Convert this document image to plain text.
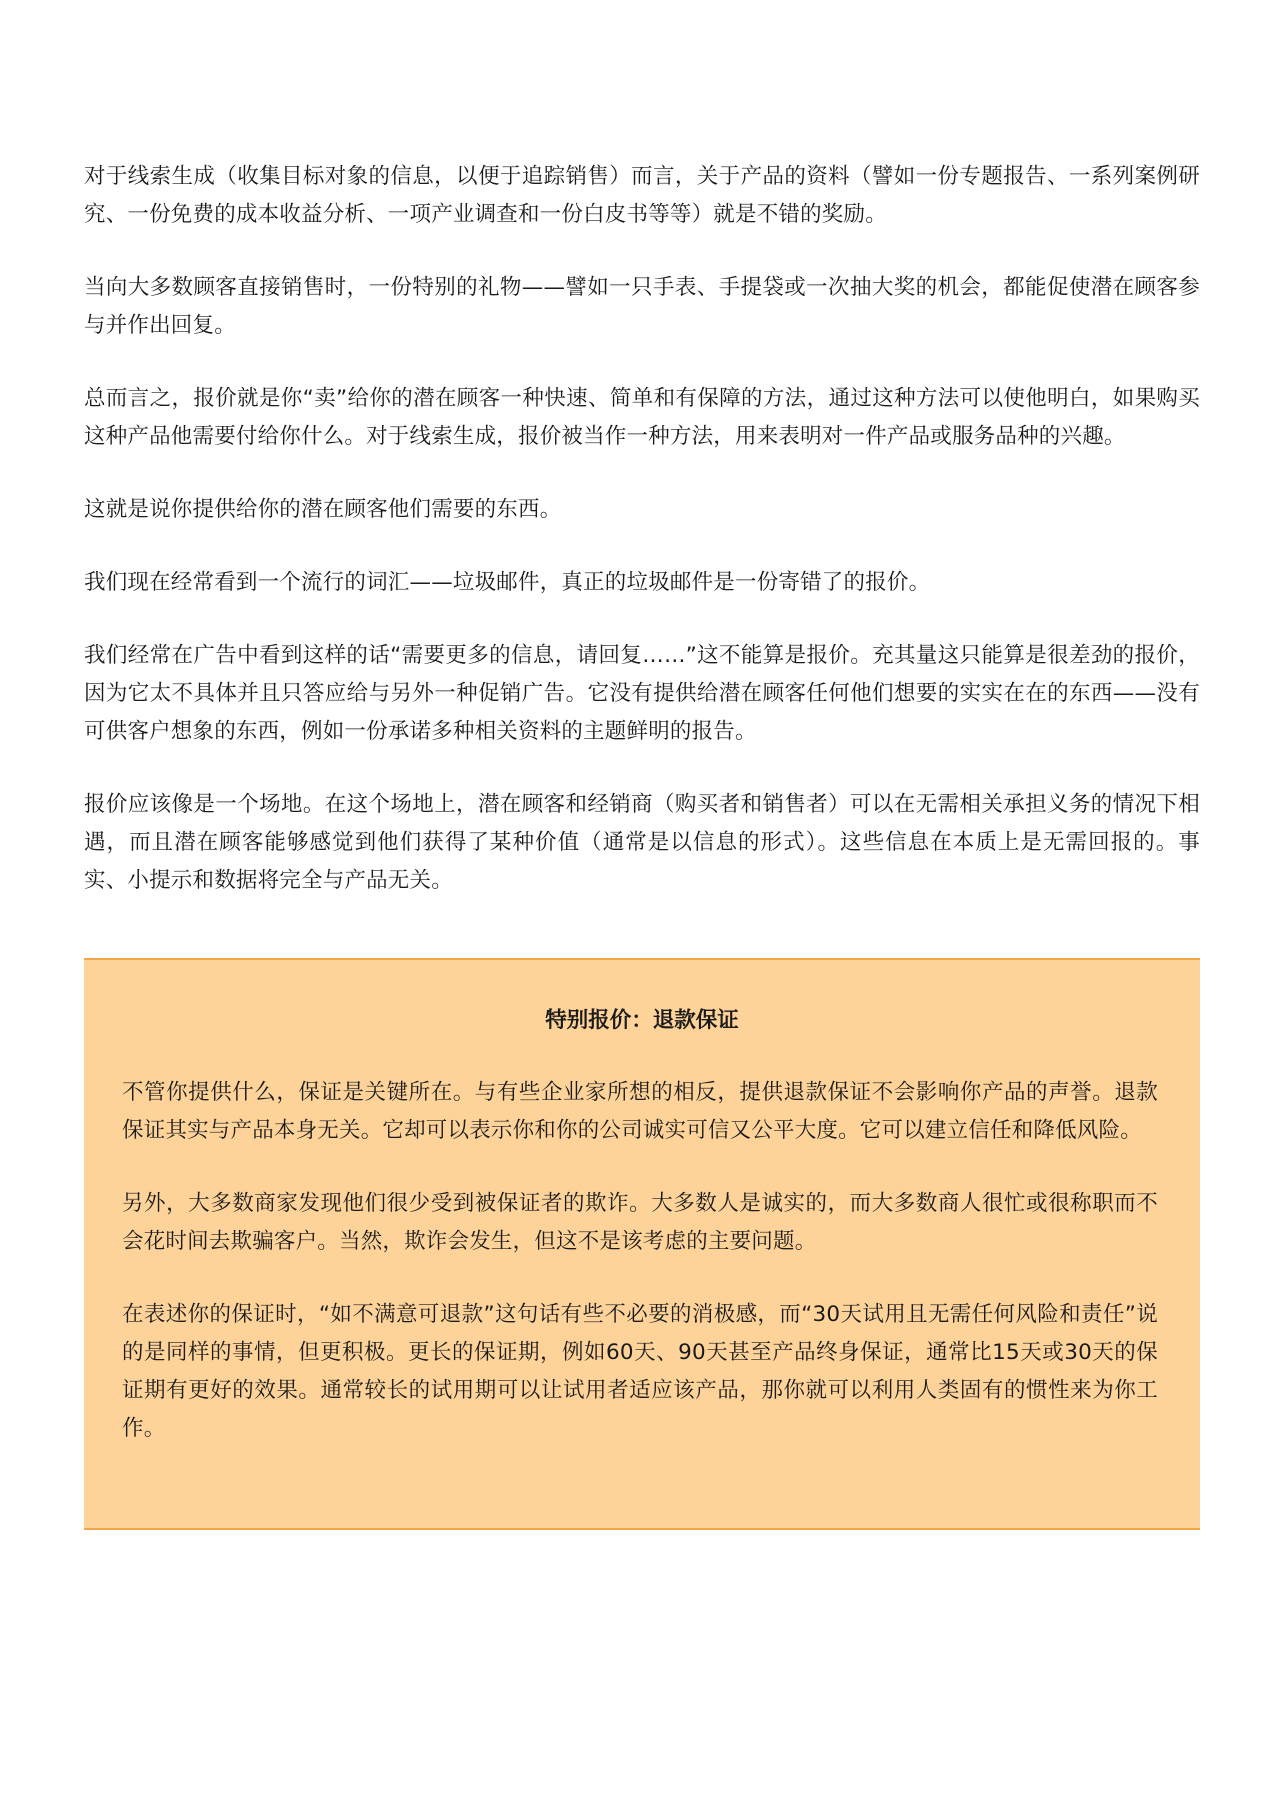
对于线索生成（收集目标对象的信息，以便于追踪销售）而言，关于产品的资料（譬如一份专题报告、一系列案例研究、一份免费的成本收益分析、一项产业调查和一份白皮书等等）就是不错的奖励。

当向大多数顾客直接销售时，一份特别的礼物——譬如一只手表、手提袋或一次抽大奖的机会，都能促使潜在顾客参与并作出回复。

总而言之，报价就是你“卖”给你的潜在顾客一种快速、简单和有保障的方法，通过这种方法可以使他明白，如果购买这种产品他需要付给你什么。对于线索生成，报价被当作一种方法，用来表明对一件产品或服务品种的兴趣。

这就是说你提供给你的潜在顾客他们需要的东西。

我们现在经常看到一个流行的词汇——垃圾邮件，真正的垃圾邮件是一份寄错了的报价。

我们经常在广告中看到这样的话“需要更多的信息，请回复……”这不能算是报价。充其量这只能算是很差劲的报价，因为它太不具体并且只答应给与另外一种促销广告。它没有提供给潜在顾客任何他们想要的实实在在的东西——没有可供客户想象的东西，例如一份承诺多种相关资料的主题鲜明的报告。

报价应该像是一个场地。在这个场地上，潜在顾客和经销商（购买者和销售者）可以在无需相关承担义务的情况下相遇，而且潜在顾客能够感觉到他们获得了某种价值（通常是以信息的形式）。这些信息在本质上是无需回报的。事实、小提示和数据将完全与产品无关。

特别报价：退款保证

不管你提供什么，保证是关键所在。与有些企业家所想的相反，提供退款保证不会影响你产品的声誉。退款保证其实与产品本身无关。它却可以表示你和你的公司诚实可信又公平大度。它可以建立信任和降低风险。

另外，大多数商家发现他们很少受到被保证者的欺诈。大多数人是诚实的，而大多数商人很忙或很称职而不会花时间去欺骗客户。当然，欺诈会发生，但这不是该考虑的主要问题。

在表述你的保证时，“如不满意可退款”这句话有些不必要的消极感，而“30天试用且无需任何风险和责任”说的是同样的事情，但更积极。更长的保证期，例如60天、90天甚至产品终身保证，通常比15天或30天的保证期有更好的效果。通常较长的试用期可以让试用者适应该产品，那你就可以利用人类固有的惯性来为你工作。
